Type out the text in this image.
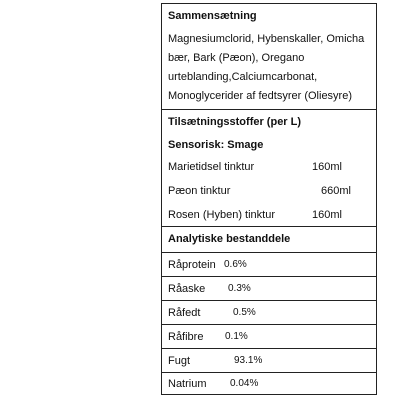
Sammensætning
Magnesiumclorid, Hybenskaller, Omicha
bær, Bark (Pæon), Oregano
urteblanding,Calciumcarbonat,
Monoglycerider af fedtsyrer (Oliesyre)
Tilsætningsstoffer (per L)
Sensorisk: Smage
Marietidsel tinktur	160ml
Pæon tinktur	660ml
Rosen (Hyben) tinktur	160ml
Analytiske bestanddele
Råprotein 0.6%
Råaske 0.3%
Råfedt	0.5%
Råfibre 0.1%
Fugt	93.1%
Natrium 0.04%
